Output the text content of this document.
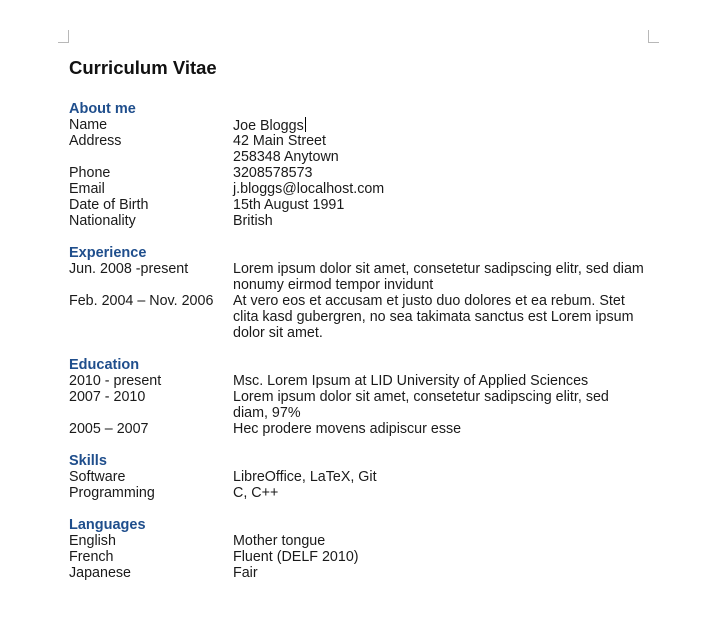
Curriculum Vitae
About me
Name	Joe Bloggs
Address	42 Main Street
258348 Anytown
Phone	3208578573
Email	j.bloggs@localhost.com
Date of Birth	15th August 1991
Nationality	British
Experience
Jun. 2008 -present	Lorem ipsum dolor sit amet, consetetur sadipscing elitr, sed diam
nonumy eirmod tempor invidunt
Feb. 2004 – Nov. 2006	At vero eos et accusam et justo duo dolores et ea rebum. Stet
clita kasd gubergren, no sea takimata sanctus est Lorem ipsum
dolor sit amet.
Education
2010 - present	Msc. Lorem Ipsum at LID University of Applied Sciences
2007 - 2010	Lorem ipsum dolor sit amet, consetetur sadipscing elitr, sed
diam, 97%
2005 – 2007	Hec prodere movens adipiscur esse
Skills
Software	LibreOffice, LaTeX, Git
Programming	C, C++
Languages
English	Mother tongue
French	Fluent (DELF 2010)
Japanese	Fair
